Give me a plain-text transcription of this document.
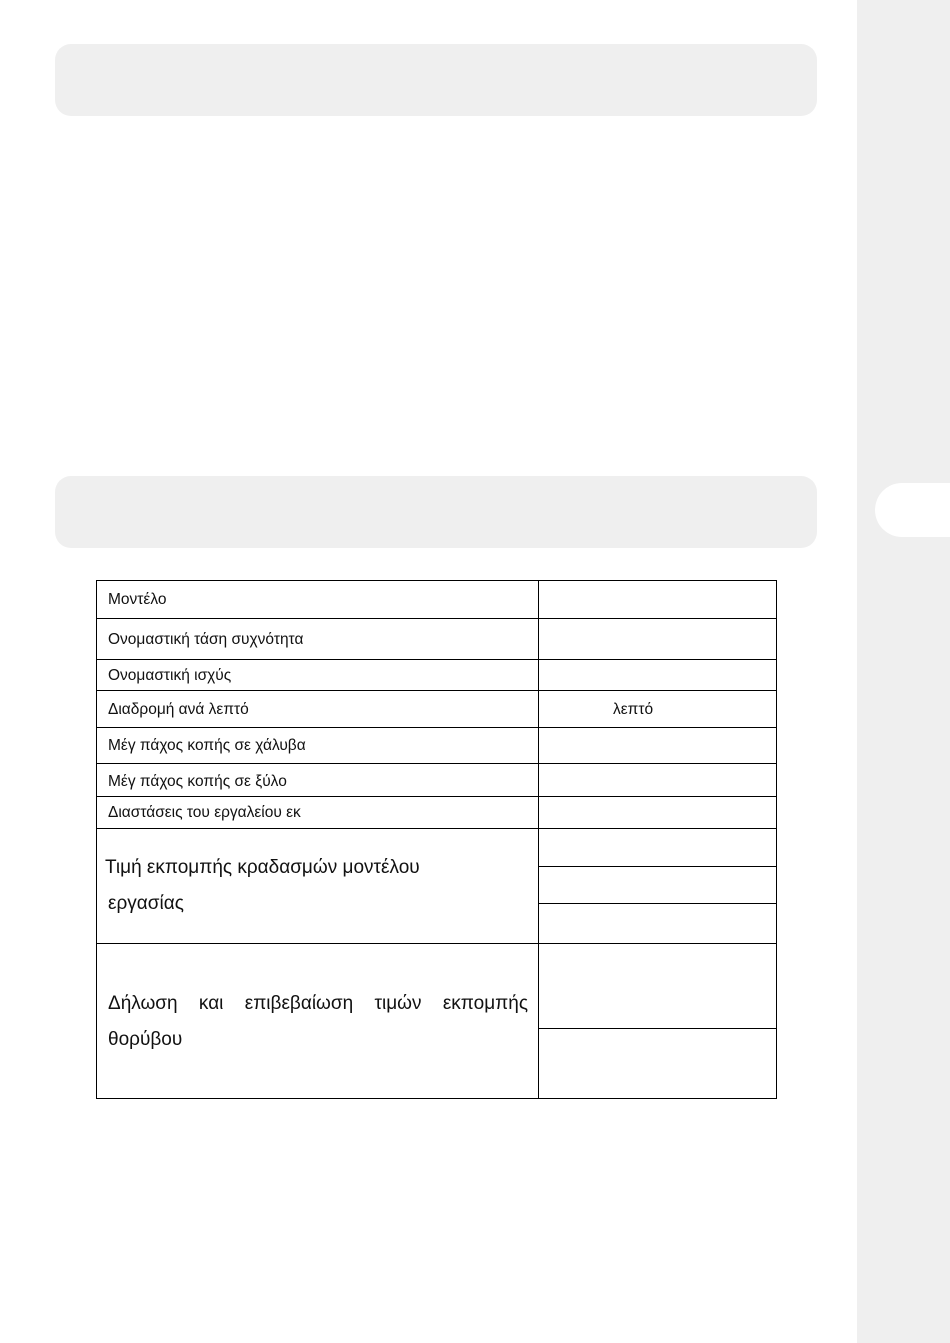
Μοντέλο
Ονομαστική τάση συχνότητα
Ονομαστική ισχύς
Διαδρομή ανά λεπτό	λεπτό
Μέγ πάχος κοπής σε χάλυβα
Μέγ πάχος κοπής σε ξύλο
Διαστάσεις του εργαλείου εκ
Τιμή εκπομπής κραδασμών μοντέλου
εργασίας
Δήλωση και επιβεβαίωση τιμών εκπομπής
θορύβου
